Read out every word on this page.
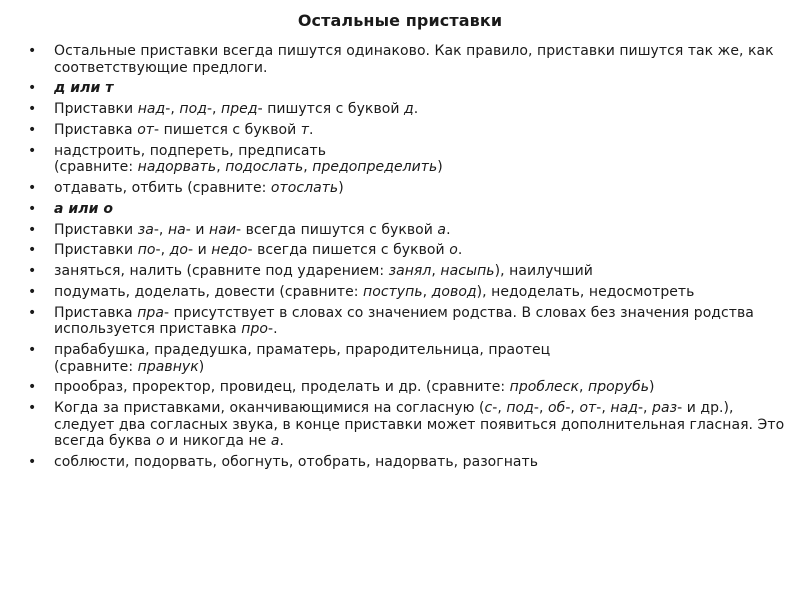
Остальные приставки
• Остальные приставки всегда пишутся одинаково. Как правило, приставки пишутся так же, как соответствующие предлоги.
• д или т
• Приставки над-, под-, пред- пишутся с буквой д.
• Приставка от- пишется с буквой т.
• надстроить, подпереть, предписать
(сравните: надорвать, подослать, предопределить)
• отдавать, отбить (сравните: отослать)
• а или о
• Приставки за-, на- и наи- всегда пишутся с буквой а.
• Приставки по-, до- и недо- всегда пишется с буквой о.
• заняться, налить (сравните под ударением: занял, насыпь), наилучший
• подумать, доделать, довести (сравните: поступь, довод), недоделать, недосмотреть
• Приставка пра- присутствует в словах со значением родства. В словах без значения родства используется приставка про-.
• прабабушка, прадедушка, праматерь, прародительница, праотец
(сравните: правнук)
• прообраз, проректор, провидец, проделать и др. (сравните: проблеск, прорубь)
• Когда за приставками, оканчивающимися на согласную (с-, под-, об-, от-, над-, раз- и др.), следует два согласных звука, в конце приставки может появиться дополнительная гласная. Это всегда буква о и никогда не а.
• соблюсти, подорвать, обогнуть, отобрать, надорвать, разогнать
